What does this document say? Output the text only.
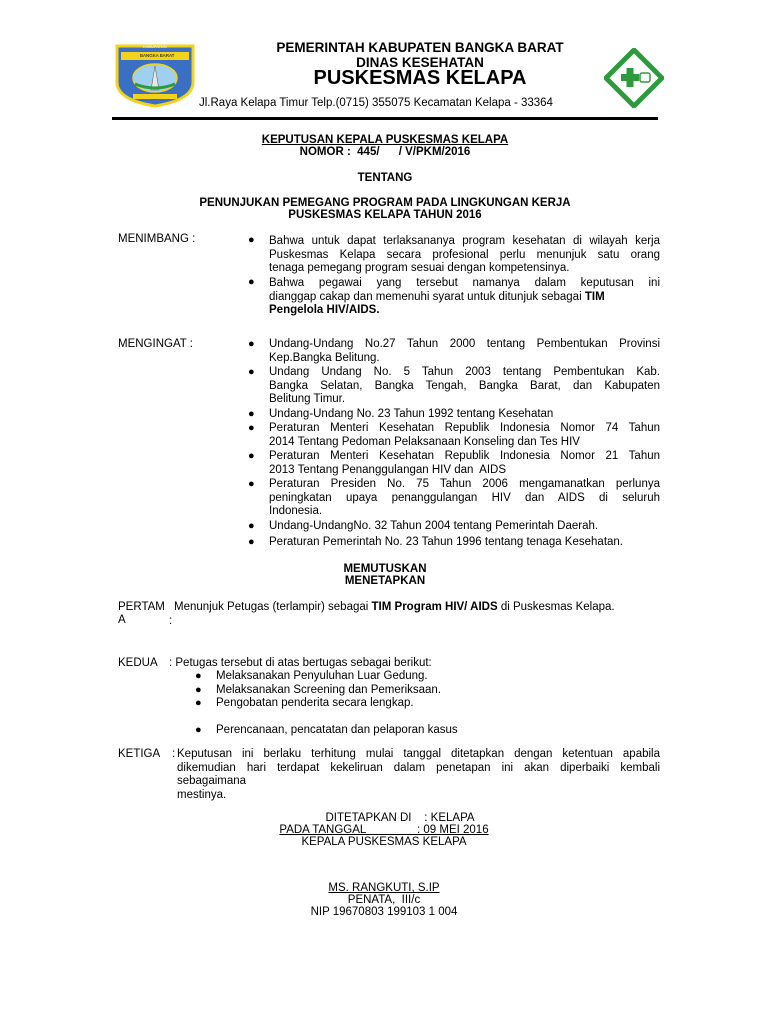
KABUPATEN
BANGKA BARAT
PEMERINTAH KABUPATEN BANGKA BARAT
DINAS KESEHATAN
PUSKESMAS KELAPA
Jl.Raya Kelapa Timur Telp.(0715) 355075 Kecamatan Kelapa - 33364
KEPUTUSAN KEPALA PUSKESMAS KELAPA
NOMOR :  445/      / V/PKM/2016
TENTANG
PENUNJUKAN PEMEGANG PROGRAM PADA LINGKUNGAN KERJA
PUSKESMAS KELAPA TAHUN 2016
MENIMBANG :	● Bahwa untuk dapat terlaksananya program kesehatan di wilayah kerja
Puskesmas Kelapa secara profesional perlu menunjuk satu orang
tenaga pemegang program sesuai dengan kompetensinya.
● Bahwa pegawai yang tersebut namanya dalam keputusan ini
dianggap cakap dan memenuhi syarat untuk ditunjuk sebagai TIM
Pengelola HIV/AIDS.
MENGINGAT :	● Undang-Undang No.27 Tahun 2000 tentang Pembentukan Provinsi
Kep.Bangka Belitung.
● Undang Undang No. 5 Tahun 2003 tentang Pembentukan Kab.
Bangka Selatan, Bangka Tengah, Bangka Barat, dan Kabupaten
Belitung Timur.
● Undang-Undang No. 23 Tahun 1992 tentang Kesehatan
● Peraturan Menteri Kesehatan Republik Indonesia Nomor 74 Tahun
2014 Tentang Pedoman Pelaksanaan Konseling dan Tes HIV
● Peraturan Menteri Kesehatan Republik Indonesia Nomor 21 Tahun
2013 Tentang Penanggulangan HIV dan  AIDS
● Peraturan Presiden No. 75 Tahun 2006 mengamanatkan perlunya
peningkatan upaya penanggulangan HIV dan AIDS di seluruh
Indonesia.
● Undang-UndangNo. 32 Tahun 2004 tentang Pemerintah Daerah.
● Peraturan Pemerintah No. 23 Tahun 1996 tentang tenaga Kesehatan.
MEMUTUSKAN
MENETAPKAN
PERTAM
A	:
Menunjuk Petugas (terlampir) sebagai TIM Program HIV/ AIDS di Puskesmas Kelapa.
KEDUA : Petugas tersebut di atas bertugas sebagai berikut:
● Melaksanakan Penyuluhan Luar Gedung.
● Melaksanakan Screening dan Pemeriksaan.
● Pengobatan penderita secara lengkap.
● Perencanaan, pencatatan dan pelaporan kasus
KETIGA : Keputusan ini berlaku terhitung mulai tanggal ditetapkan dengan ketentuan apabila
dikemudian hari terdapat kekeliruan dalam penetapan ini akan diperbaiki kembali sebagaimana
mestinya.
DITETAPKAN DI    : KELAPA
PADA TANGGAL                : 09 MEI 2016
KEPALA PUSKESMAS KELAPA
MS. RANGKUTI, S.IP
PENATA,  III/c
NIP 19670803 199103 1 004
